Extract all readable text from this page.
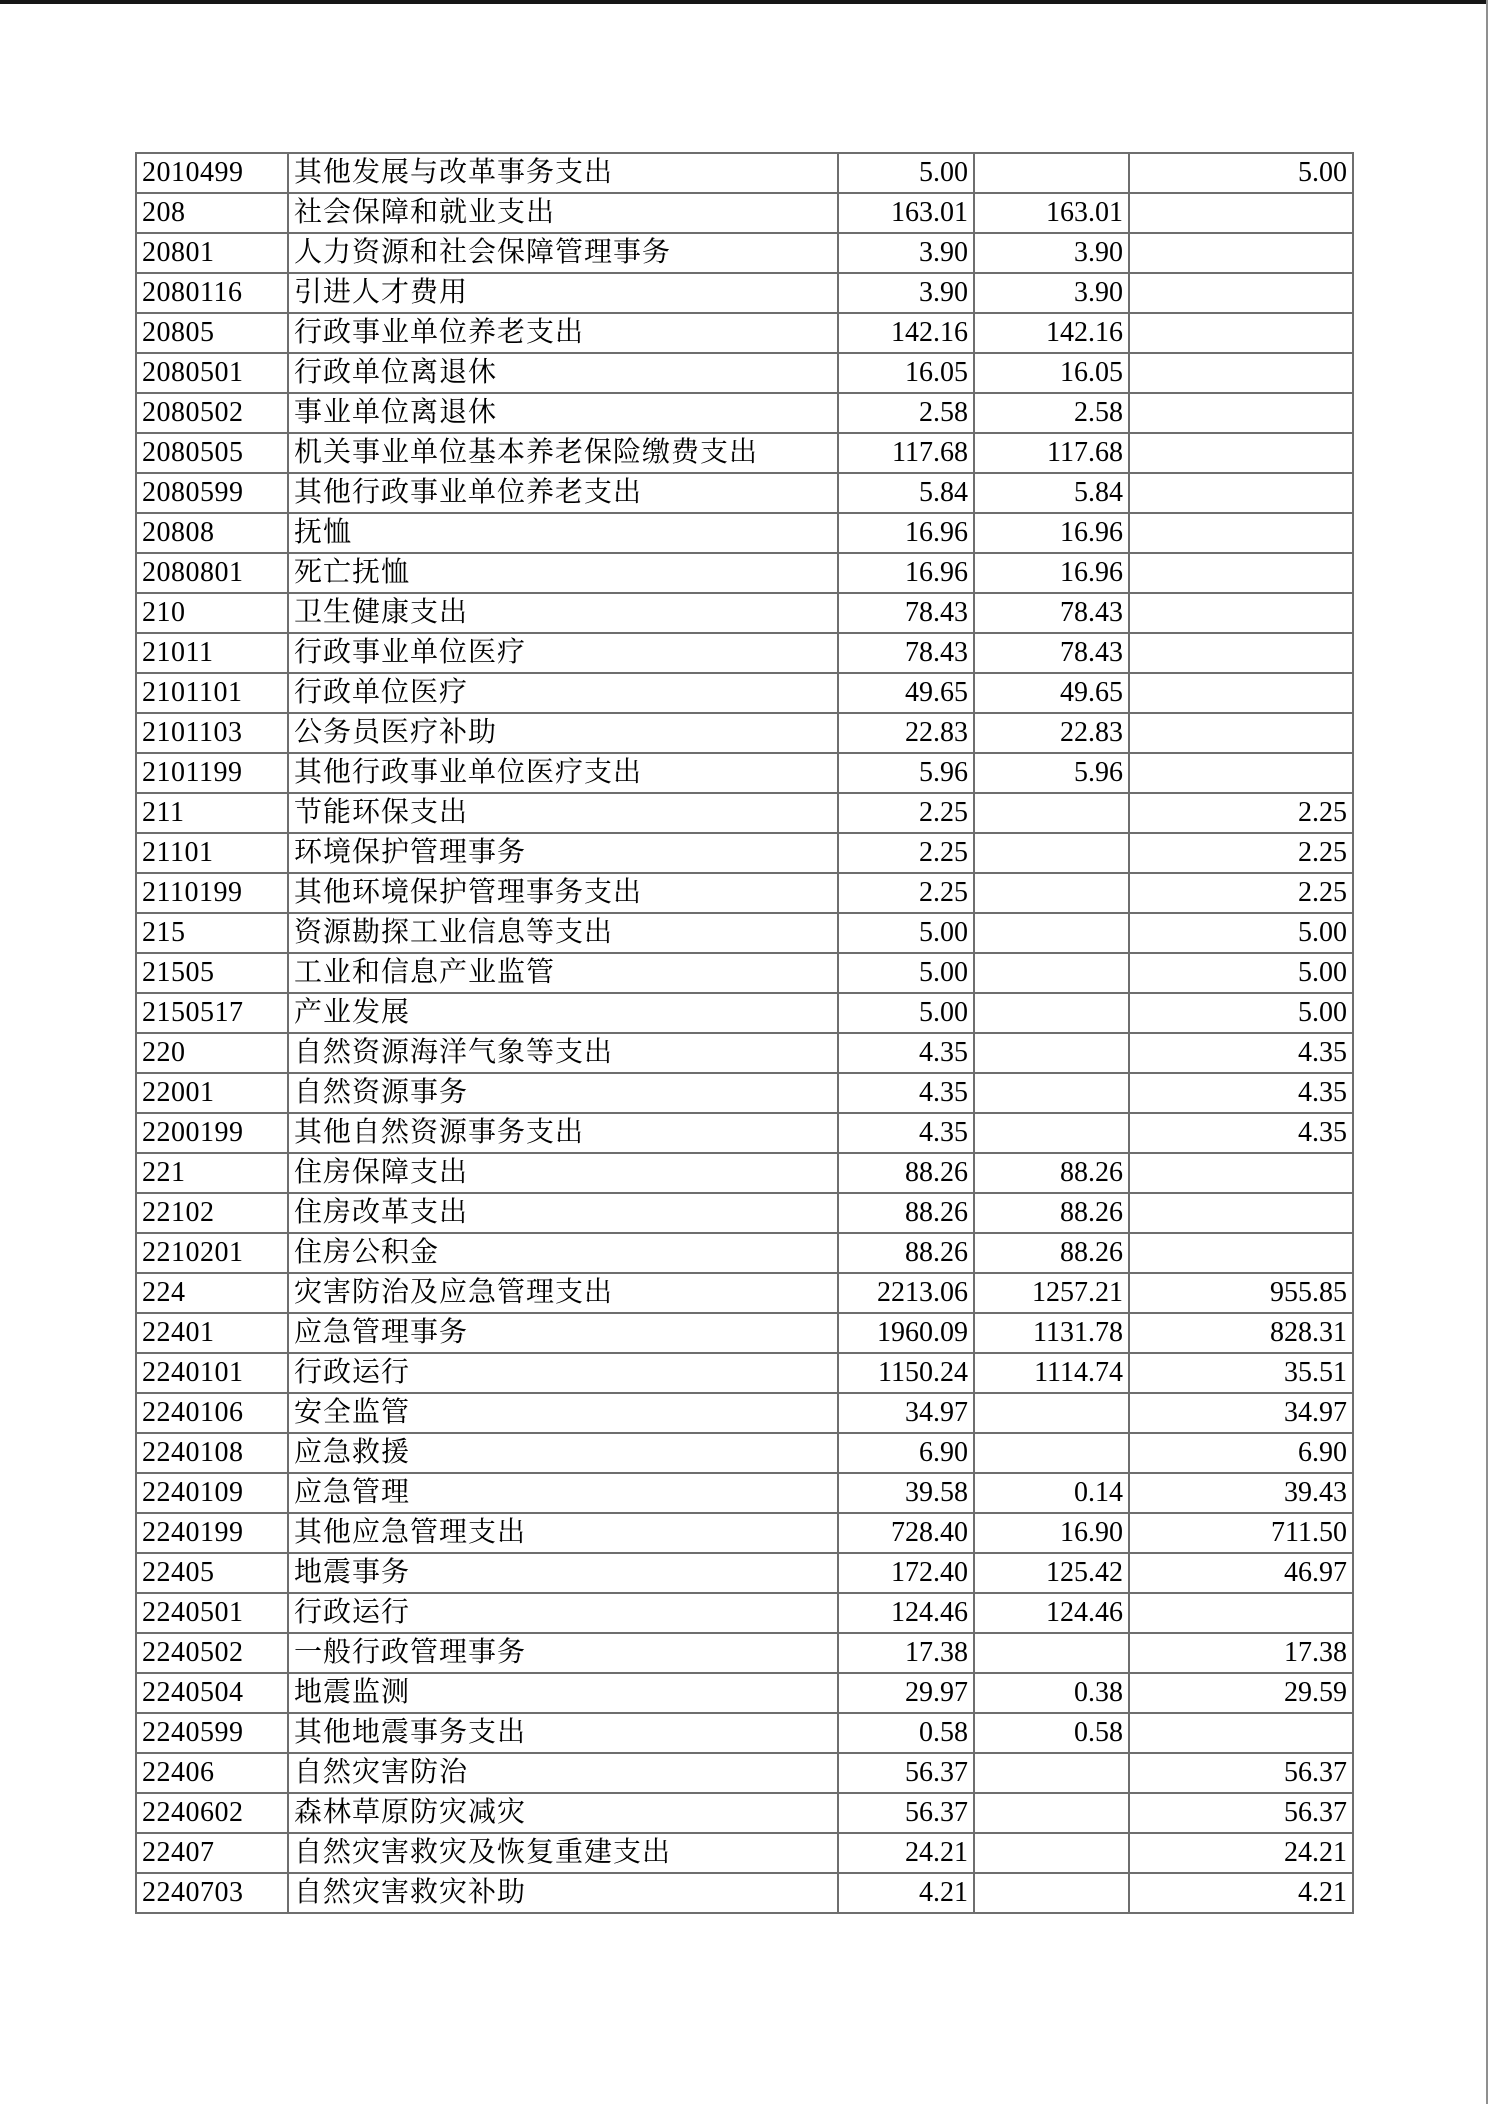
2010499	其他发展与改革事务支出	5.00		5.00
208	社会保障和就业支出	163.01	163.01	
20801	人力资源和社会保障管理事务	3.90	3.90	
2080116	引进人才费用	3.90	3.90	
20805	行政事业单位养老支出	142.16	142.16	
2080501	行政单位离退休	16.05	16.05	
2080502	事业单位离退休	2.58	2.58	
2080505	机关事业单位基本养老保险缴费支出	117.68	117.68	
2080599	其他行政事业单位养老支出	5.84	5.84	
20808	抚恤	16.96	16.96	
2080801	死亡抚恤	16.96	16.96	
210	卫生健康支出	78.43	78.43	
21011	行政事业单位医疗	78.43	78.43	
2101101	行政单位医疗	49.65	49.65	
2101103	公务员医疗补助	22.83	22.83	
2101199	其他行政事业单位医疗支出	5.96	5.96	
211	节能环保支出	2.25		2.25
21101	环境保护管理事务	2.25		2.25
2110199	其他环境保护管理事务支出	2.25		2.25
215	资源勘探工业信息等支出	5.00		5.00
21505	工业和信息产业监管	5.00		5.00
2150517	产业发展	5.00		5.00
220	自然资源海洋气象等支出	4.35		4.35
22001	自然资源事务	4.35		4.35
2200199	其他自然资源事务支出	4.35		4.35
221	住房保障支出	88.26	88.26	
22102	住房改革支出	88.26	88.26	
2210201	住房公积金	88.26	88.26	
224	灾害防治及应急管理支出	2213.06	1257.21	955.85
22401	应急管理事务	1960.09	1131.78	828.31
2240101	行政运行	1150.24	1114.74	35.51
2240106	安全监管	34.97		34.97
2240108	应急救援	6.90		6.90
2240109	应急管理	39.58	0.14	39.43
2240199	其他应急管理支出	728.40	16.90	711.50
22405	地震事务	172.40	125.42	46.97
2240501	行政运行	124.46	124.46	
2240502	一般行政管理事务	17.38		17.38
2240504	地震监测	29.97	0.38	29.59
2240599	其他地震事务支出	0.58	0.58	
22406	自然灾害防治	56.37		56.37
2240602	森林草原防灾减灾	56.37		56.37
22407	自然灾害救灾及恢复重建支出	24.21		24.21
2240703	自然灾害救灾补助	4.21		4.21
